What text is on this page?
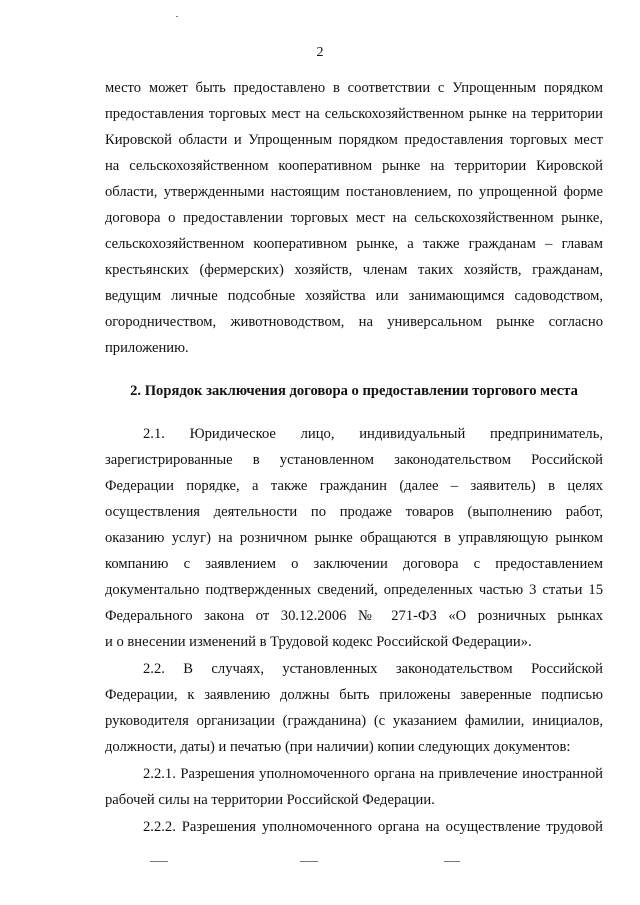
2
место может быть предоставлено в соответствии с Упрощенным порядком
предоставления торговых мест на сельскохозяйственном рынке на территории
Кировской области и Упрощенным порядком предоставления торговых мест
на сельскохозяйственном кооперативном рынке на территории Кировской
области, утвержденными настоящим постановлением, по упрощенной форме
договора о предоставлении торговых мест на сельскохозяйственном рынке,
сельскохозяйственном кооперативном рынке, а также гражданам – главам
крестьянских (фермерских) хозяйств, членам таких хозяйств, гражданам,
ведущим личные подсобные хозяйства или занимающимся садоводством,
огородничеством, животноводством, на универсальном рынке согласно
приложению.
2. Порядок заключения договора о предоставлении торгового места
2.1. Юридическое лицо, индивидуальный предприниматель,
зарегистрированные в установленном законодательством Российской
Федерации порядке, а также гражданин (далее – заявитель) в целях
осуществления деятельности по продаже товаров (выполнению работ,
оказанию услуг) на розничном рынке обращаются в управляющую рынком
компанию с заявлением о заключении договора с предоставлением
документально подтвержденных сведений, определенных частью 3 статьи 15
Федерального закона от 30.12.2006 № 271-ФЗ «О розничных рынках
и о внесении изменений в Трудовой кодекс Российской Федерации».
2.2. В случаях, установленных законодательством Российской
Федерации, к заявлению должны быть приложены заверенные подписью
руководителя организации (гражданина) (с указанием фамилии, инициалов,
должности, даты) и печатью (при наличии) копии следующих документов:
2.2.1. Разрешения уполномоченного органа на привлечение иностранной
рабочей силы на территории Российской Федерации.
2.2.2. Разрешения уполномоченного органа на осуществление трудовой
